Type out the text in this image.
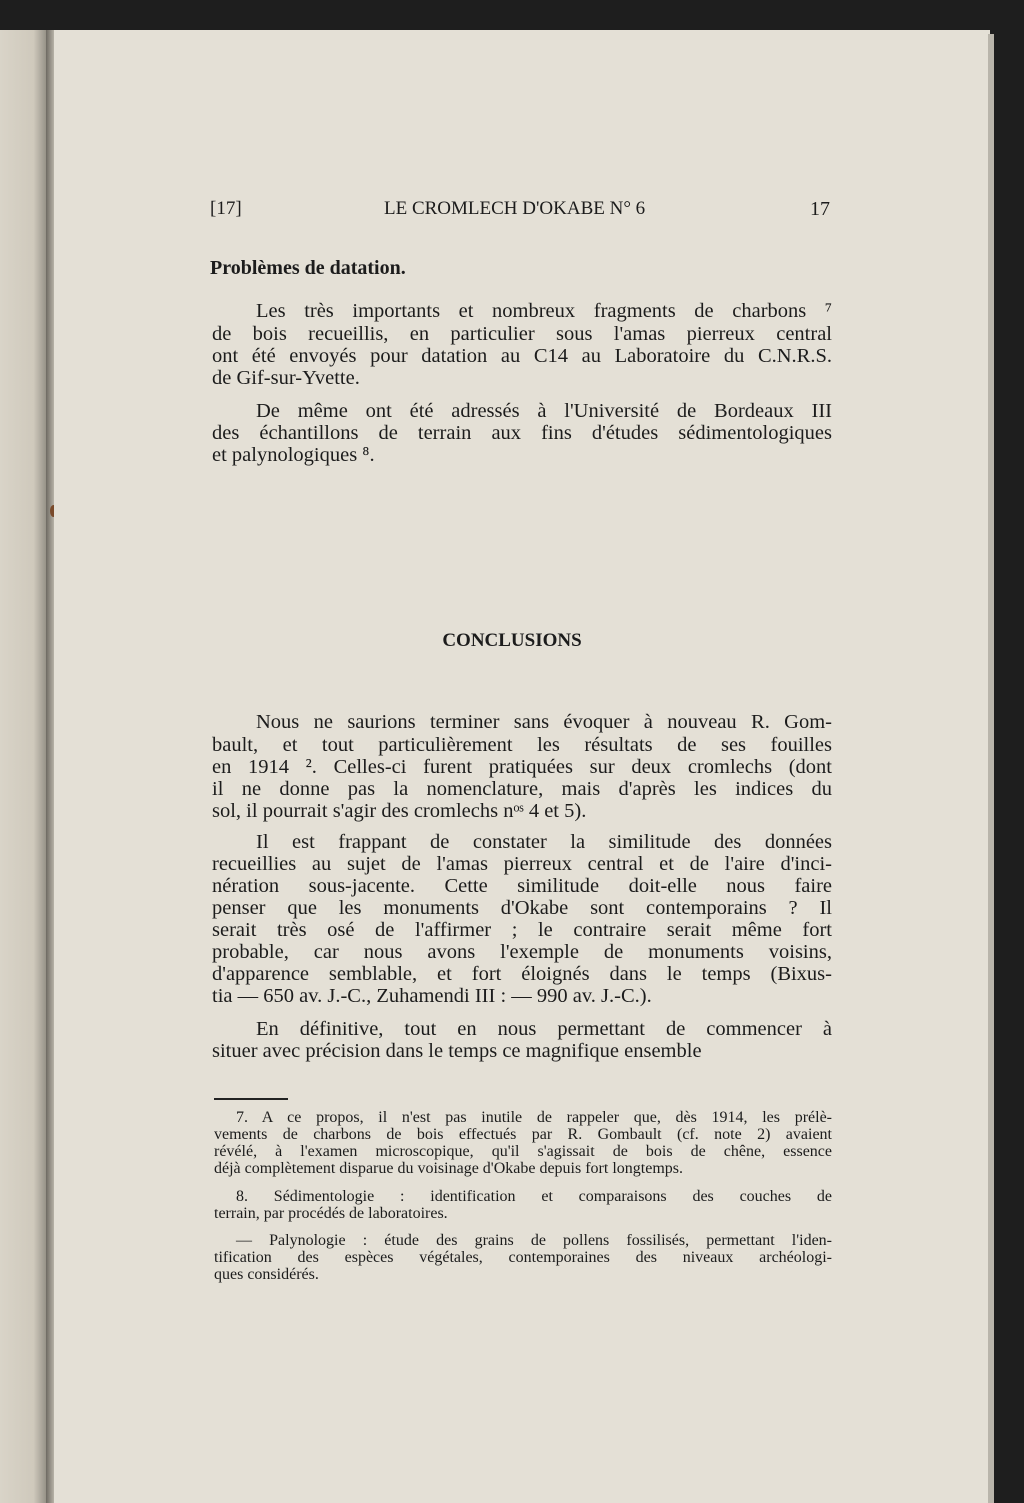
[17]	LE CROMLECH D'OKABE N° 6	17
Problèmes de datation.
CONCLUSIONS
Les très importants et nombreux fragments de charbons ⁷
de bois recueillis, en particulier sous l'amas pierreux central
ont été envoyés pour datation au C14 au Laboratoire du C.N.R.S.
de Gif-sur-Yvette.
De même ont été adressés à l'Université de Bordeaux III
des échantillons de terrain aux fins d'études sédimentologiques
et palynologiques ⁸.
Nous ne saurions terminer sans évoquer à nouveau R. Gom-
bault, et tout particulièrement les résultats de ses fouilles
en 1914 ². Celles-ci furent pratiquées sur deux cromlechs (dont
il ne donne pas la nomenclature, mais d'après les indices du
sol, il pourrait s'agir des cromlechs nᵒˢ 4 et 5).
Il est frappant de constater la similitude des données
recueillies au sujet de l'amas pierreux central et de l'aire d'inci-
nération sous-jacente. Cette similitude doit-elle nous faire
penser que les monuments d'Okabe sont contemporains ? Il
serait très osé de l'affirmer ; le contraire serait même fort
probable, car nous avons l'exemple de monuments voisins,
d'apparence semblable, et fort éloignés dans le temps (Bixus-
tia — 650 av. J.-C., Zuhamendi III : — 990 av. J.-C.).
En définitive, tout en nous permettant de commencer à
situer avec précision dans le temps ce magnifique ensemble
7. A ce propos, il n'est pas inutile de rappeler que, dès 1914, les prélè-
vements de charbons de bois effectués par R. Gombault (cf. note 2) avaient
révélé, à l'examen microscopique, qu'il s'agissait de bois de chêne, essence
déjà complètement disparue du voisinage d'Okabe depuis fort longtemps.
8. Sédimentologie : identification et comparaisons des couches de
terrain, par procédés de laboratoires.
— Palynologie : étude des grains de pollens fossilisés, permettant l'iden-
tification des espèces végétales, contemporaines des niveaux archéologi-
ques considérés.
